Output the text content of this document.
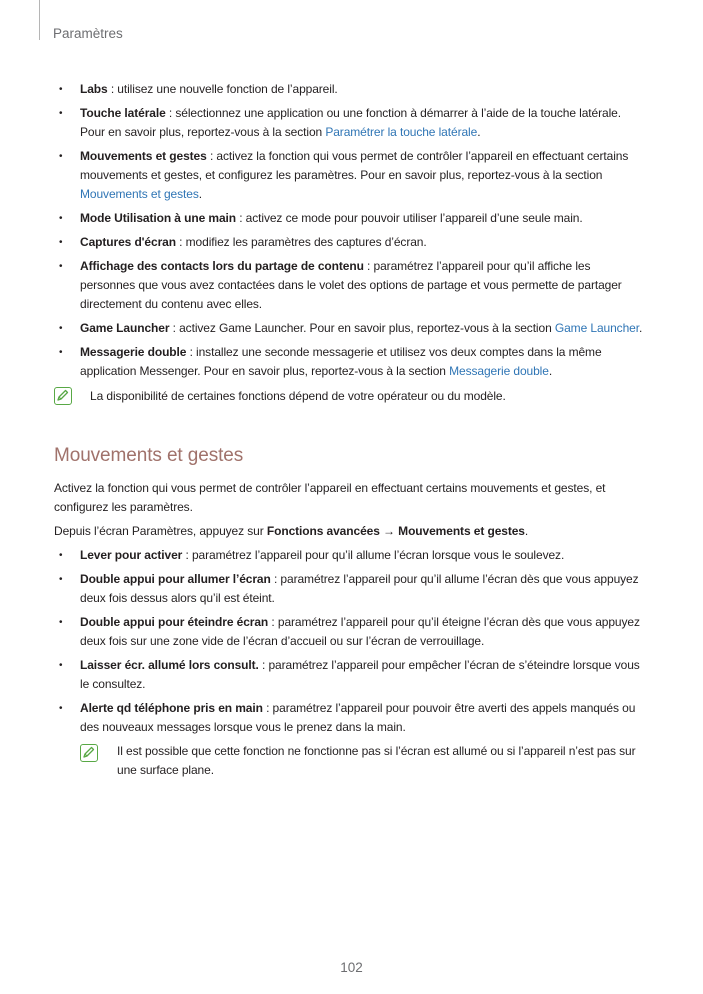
Paramètres
• Labs : utilisez une nouvelle fonction de l’appareil.
• Touche latérale : sélectionnez une application ou une fonction à démarrer à l’aide de la touche latérale. Pour en savoir plus, reportez-vous à la section Paramétrer la touche latérale.
• Mouvements et gestes : activez la fonction qui vous permet de contrôler l’appareil en effectuant certains mouvements et gestes, et configurez les paramètres. Pour en savoir plus, reportez-vous à la section Mouvements et gestes.
• Mode Utilisation à une main : activez ce mode pour pouvoir utiliser l’appareil d’une seule main.
• Captures d'écran : modifiez les paramètres des captures d’écran.
• Affichage des contacts lors du partage de contenu : paramétrez l’appareil pour qu’il affiche les personnes que vous avez contactées dans le volet des options de partage et vous permette de partager directement du contenu avec elles.
• Game Launcher : activez Game Launcher. Pour en savoir plus, reportez-vous à la section Game Launcher.
• Messagerie double : installez une seconde messagerie et utilisez vos deux comptes dans la même application Messenger. Pour en savoir plus, reportez-vous à la section Messagerie double.
La disponibilité de certaines fonctions dépend de votre opérateur ou du modèle.
Mouvements et gestes

Activez la fonction qui vous permet de contrôler l’appareil en effectuant certains mouvements et gestes, et configurez les paramètres.

Depuis l’écran Paramètres, appuyez sur Fonctions avancées → Mouvements et gestes.

• Lever pour activer : paramétrez l’appareil pour qu’il allume l’écran lorsque vous le soulevez.
• Double appui pour allumer l’écran : paramétrez l’appareil pour qu’il allume l’écran dès que vous appuyez deux fois dessus alors qu’il est éteint.
• Double appui pour éteindre écran : paramétrez l’appareil pour qu’il éteigne l’écran dès que vous appuyez deux fois sur une zone vide de l’écran d’accueil ou sur l’écran de verrouillage.
• Laisser écr. allumé lors consult. : paramétrez l’appareil pour empêcher l’écran de s’éteindre lorsque vous le consultez.
• Alerte qd téléphone pris en main : paramétrez l’appareil pour pouvoir être averti des appels manqués ou des nouveaux messages lorsque vous le prenez dans la main.
Il est possible que cette fonction ne fonctionne pas si l’écran est allumé ou si l’appareil n’est pas sur une surface plane.
102
